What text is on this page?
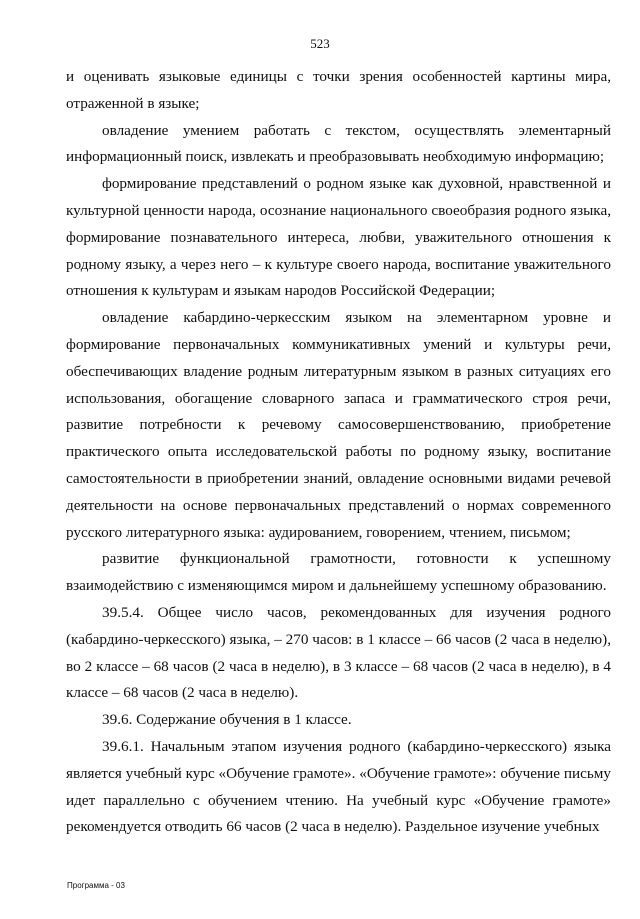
523

и оценивать языковые единицы с точки зрения особенностей картины мира, отраженной в языке;

овладение умением работать с текстом, осуществлять элементарный информационный поиск, извлекать и преобразовывать необходимую информацию;

формирование представлений о родном языке как духовной, нравственной и культурной ценности народа, осознание национального своеобразия родного языка, формирование познавательного интереса, любви, уважительного отношения к родному языку, а через него – к культуре своего народа, воспитание уважительного отношения к культурам и языкам народов Российской Федерации;

овладение кабардино-черкесским языком на элементарном уровне и формирование первоначальных коммуникативных умений и культуры речи, обеспечивающих владение родным литературным языком в разных ситуациях его использования, обогащение словарного запаса и грамматического строя речи, развитие потребности к речевому самосовершенствованию, приобретение практического опыта исследовательской работы по родному языку, воспитание самостоятельности в приобретении знаний, овладение основными видами речевой деятельности на основе первоначальных представлений о нормах современного русского литературного языка: аудированием, говорением, чтением, письмом;

развитие функциональной грамотности, готовности к успешному взаимодействию с изменяющимся миром и дальнейшему успешному образованию.

39.5.4. Общее число часов, рекомендованных для изучения родного (кабардино-черкесского) языка, – 270 часов: в 1 классе – 66 часов (2 часа в неделю), во 2 классе – 68 часов (2 часа в неделю), в 3 классе – 68 часов (2 часа в неделю), в 4 классе – 68 часов (2 часа в неделю).

39.6. Содержание обучения в 1 классе.

39.6.1. Начальным этапом изучения родного (кабардино-черкесского) языка является учебный курс «Обучение грамоте». «Обучение грамоте»: обучение письму идет параллельно с обучением чтению. На учебный курс «Обучение грамоте» рекомендуется отводить 66 часов (2 часа в неделю). Раздельное изучение учебных

Программа - 03
